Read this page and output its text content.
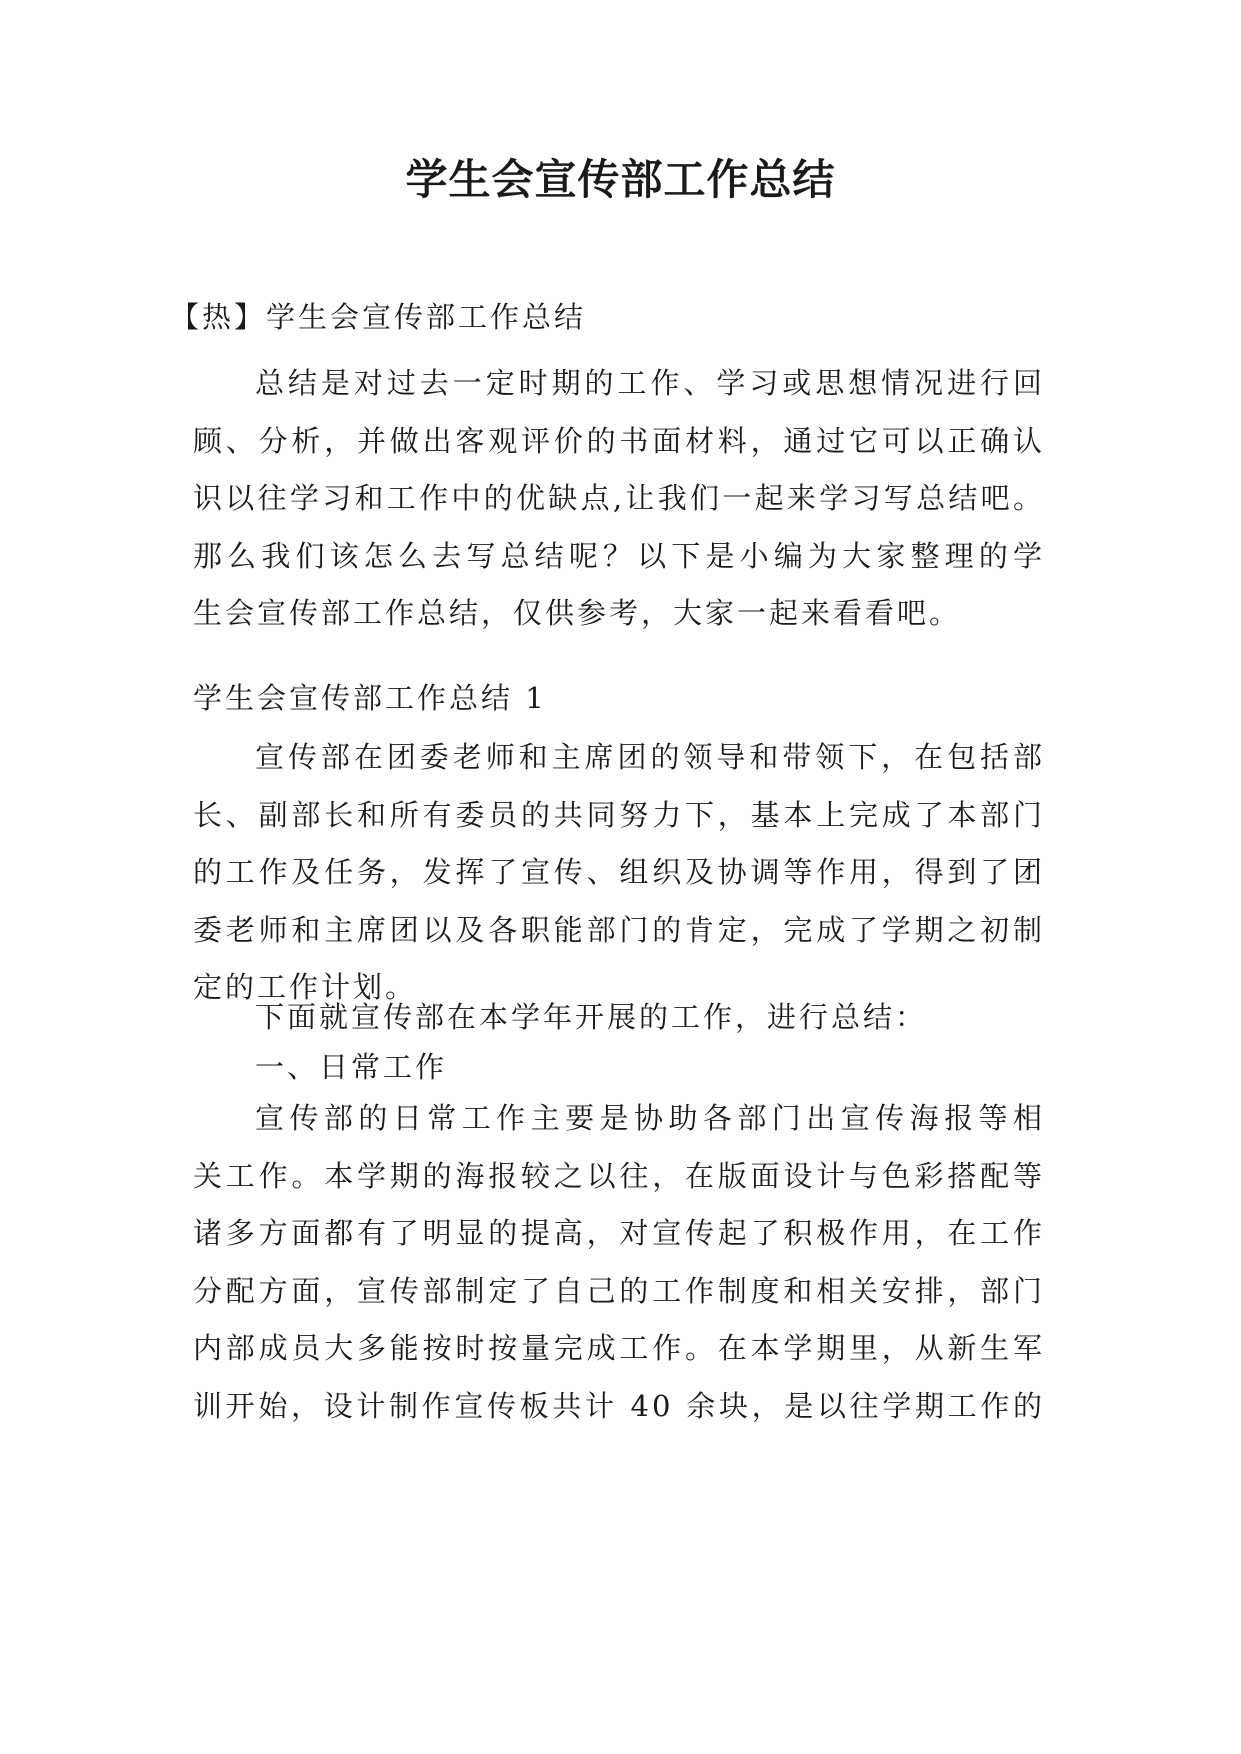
学生会宣传部工作总结

【热】学生会宣传部工作总结

总结是对过去一定时期的工作、学习或思想情况进行回
顾、分析，并做出客观评价的书面材料，通过它可以正确认
识以往学习和工作中的优缺点,让我们一起来学习写总结吧。
那么我们该怎么去写总结呢？以下是小编为大家整理的学
生会宣传部工作总结，仅供参考，大家一起来看看吧。

学生会宣传部工作总结 1

宣传部在团委老师和主席团的领导和带领下，在包括部
长、副部长和所有委员的共同努力下，基本上完成了本部门
的工作及任务，发挥了宣传、组织及协调等作用，得到了团
委老师和主席团以及各职能部门的肯定，完成了学期之初制
定的工作计划。

下面就宣传部在本学年开展的工作，进行总结：

一、日常工作

宣传部的日常工作主要是协助各部门出宣传海报等相
关工作。本学期的海报较之以往，在版面设计与色彩搭配等
诸多方面都有了明显的提高，对宣传起了积极作用，在工作
分配方面，宣传部制定了自己的工作制度和相关安排，部门
内部成员大多能按时按量完成工作。在本学期里，从新生军
训开始，设计制作宣传板共计 40 余块，是以往学期工作的
